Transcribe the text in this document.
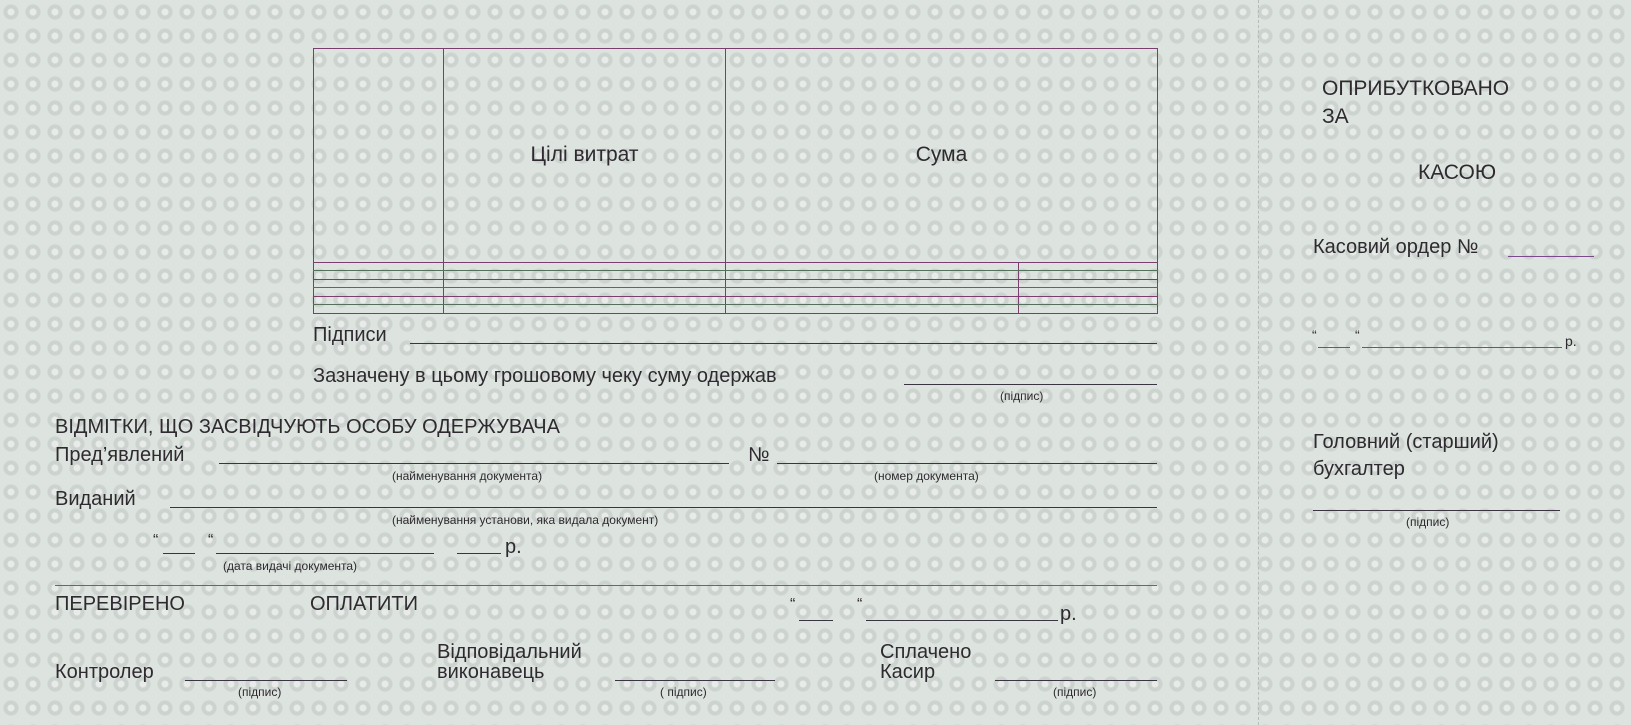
	Цілі витрат	Сума	

Підписи
Зазначену в цьому грошовому чеку суму одержав
(підпис)
ВІДМІТКИ, ЩО ЗАСВІДЧУЮТЬ ОСОБУ ОДЕРЖУВАЧА
Пред’явлений	№
(найменування документа)	(номер документа)
Виданий
(найменування установи, яка видала документ)
“	“	р.
(дата видачі документа)
ПЕРЕВІРЕНО	ОПЛАТИТИ	“	“	р.
Контролер
(підпис)
Відповідальний
виконавець
( підпис)
Сплачено
Касир
(підпис)
ОПРИБУТКОВАНО
ЗА
КАСОЮ
Касовий ордер №
“	“	р.
Головний (старший)
бухгалтер
(підпис)
